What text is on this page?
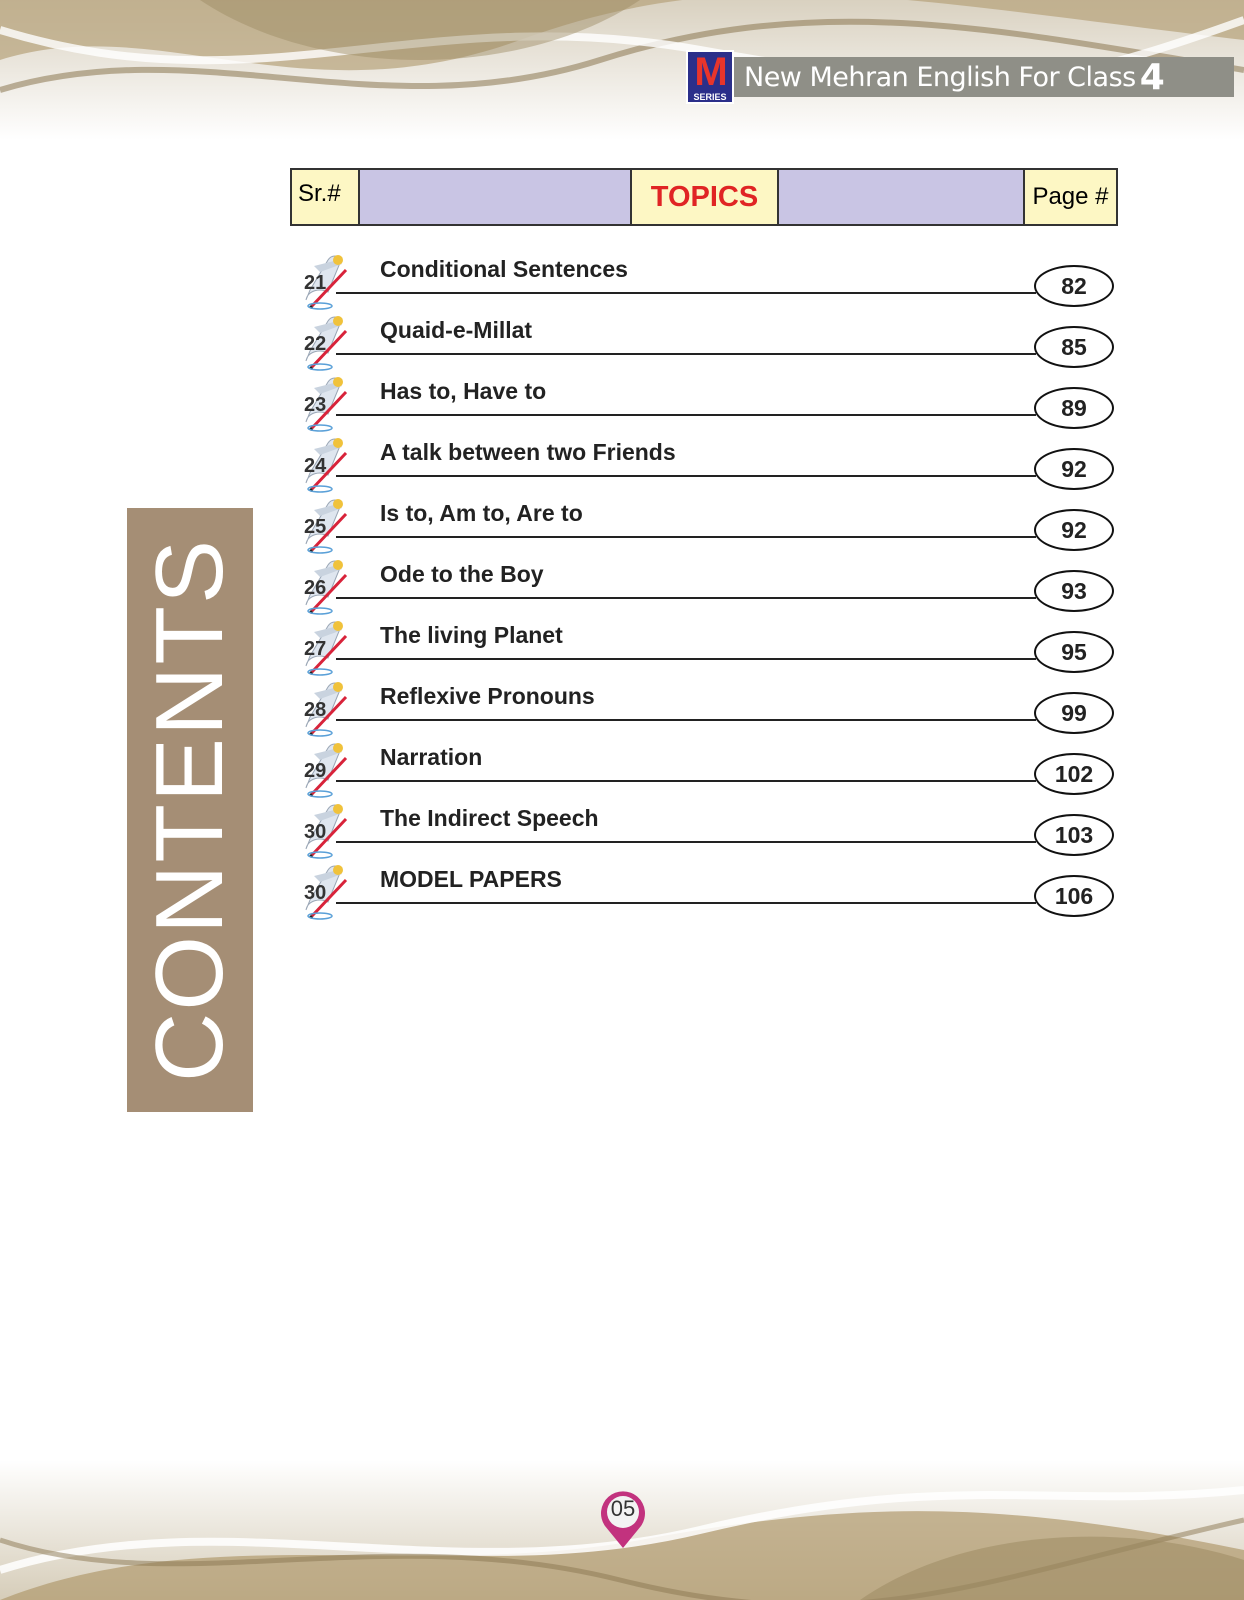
M
SERIES
New Mehran English For Class 4
Sr.#	TOPICS	Page #
21
Conditional Sentences
82
22
Quaid-e-Millat
85
23
Has to, Have to
89
24
A talk between two Friends
92
25
Is to, Am to, Are to
92
26
Ode to the Boy
93
27
The living Planet
95
28
Reflexive Pronouns
99
29
Narration
102
30
The Indirect Speech
103
30
MODEL PAPERS
106
CONTENTS
05
